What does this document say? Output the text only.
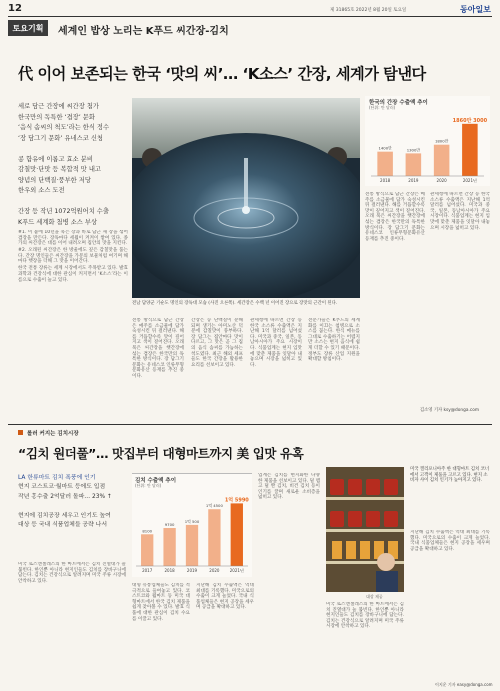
12	제 31865호 2022년 8월 20일 토요일	동아일보
토요기획	세계인 밥상 노리는 K푸드 씨간장-김치
代 이어 보존되는 한국 ‘맛의 씨’… ‘K소스’ 간장, 세계가 탐낸다
세로 담근 간장에 씨간장 첨가
한국만의 독특한 ‘겹장’ 문화
‘음식 솜씨의 척도’라는 한식 정수
‘장 담그기 문화’ 유네스코 신청

콩 함유에 이롭고 효소 분비
감칠맛·단맛 등 복합적 맛 내고
양념의 단백질·풍부한 저당
한우외 소스 도전

간장 등 작년 1072억원어치 수출
K푸드 세계화 첨병 소스 부상

#1. 이 불에 10년을 묵은 장과 바로 담근 새 장을 섞어 겹장을 만든다. 장독마다 세월이 켜켜이 쌓여 있다. 종가의 씨간장은 대를 이어 내려오며 집안의 맛을 지킨다.

#2. 오래된 씨간장은 한 방울에도 깊은 감칠맛을 품는다. 간장 명인들은 씨간장을 가문의 보물처럼 여기며 해마다 햇장을 더해 그 맛을 이어간다.

한국 전통 장류는 세계 시장에서도 주목받고 있다. 발효 과학과 건강식에 대한 관심이 커지면서 ‘K소스’라는 이름으로 수출이 늘고 있다.

한국의 간장 수출액 추이
(단위: 만 달러)
1400만
2018
1300만
2019
1800만
2020
1860만 3000
2021년
전남 담양군 기순도 명인의 장독대 모습 (사진 오른쪽). 세간장은 수백 년 이어진 장으로 장맛의 근간이 된다.
전통 방식으로 담근 간장은 메주를 소금물에 담가 숙성시킨 뒤 걸러낸다. 해를 거듭할수록 맛이 깊어지고 색이 짙어진다. 오래 묵은 씨간장을 햇간장에 섞는 겹장은 한국만의 독특한 방식이다. 장 담그기 문화는 유네스코 인류무형문화유산 등재를 추진 중이다.
간장은 콩 단백질이 분해되며 생기는 아미노산 덕분에 감칠맛이 풍부하다. 장 담그는 집안마다 맛이 다르고, 그 맛은 곧 그 집의 음식 솜씨를 가늠하는 척도였다. 최근 해외 셰프들도 한국 간장을 활용한 요리를 선보이고 있다.
관세청에 따르면 간장 등 한국 소스류 수출액은 지난해 1억 달러를 넘어섰다. 미국과 중국, 일본, 동남아시아가 주요 시장이다. 식품업계는 현지 입맛에 맞춘 제품을 잇달아 내놓으며 시장을 넓히고 있다.
전문가들은 K푸드의 세계화를 이끄는 첨병으로 소스를 꼽는다. 한식 메뉴를 그대로 수출하기는 어렵지만 소스는 현지 음식에 쉽게 더할 수 있기 때문이다. 정부도 장류 산업 지원을 확대할 방침이다.
전통 방식으로 담근 간장은 메주를 소금물에 담가 숙성시킨 뒤 걸러낸다. 해를 거듭할수록 맛이 깊어지고 색이 짙어진다. 오래 묵은 씨간장을 햇간장에 섞는 겹장은 한국만의 독특한 방식이다. 장 담그기 문화는 유네스코 인류무형문화유산 등재를 추진 중이다.
관세청에 따르면 간장 등 한국 소스류 수출액은 지난해 1억 달러를 넘어섰다. 미국과 중국, 일본, 동남아시아가 주요 시장이다. 식품업계는 현지 입맛에 맞춘 제품을 잇달아 내놓으며 시장을 넓히고 있다.
김소영 기자 ksy@donga.com
롤러 커지는 김치시장
“김치 원더풀”… 맛집부터 대형마트까지 美 입맛 유혹
LA 한류마트 김치 폭풍에 인기
현지 코스트코·월마트 등에도 입점
작년 홍수출 2억달러 돌파… 23% ↑

현지에 김치공장 세우고 인기도 높여
대상 등 국내 식품업체들 공략 나서
미국 로스앤젤레스의 한 마트에서는 김치 진열대가 늘 붐빈다. 한인뿐 아니라 현지인들도 김치를 장바구니에 담는다. 김치는 건강식으로 알려지며 미국 주류 시장에 안착하고 있다.
김치 수출액 추이
(단위: 만 달러)
8100
2017
9700
2018
1억 500
2019
1억 4500
2020
1억 5990
2021년
대형 유통업체들도 김치를 적극적으로 들여놓고 있다. 코스트코와 월마트 등 미국 대형마트에서 한국 김치 제품을 쉽게 찾아볼 수 있다. 발효 식품에 대한 관심이 김치 수요를 이끌고 있다.
지난해 김치 수출액은 역대 최대를 기록했다. 미국으로의 수출이 크게 늘었다. 국내 식품업체들은 현지 공장을 세우며 공급을 확대하고 있다.
업계는 김치를 현지화한 다양한 제품을 선보이고 있다. 덜 맵고 덜 짠 김치, 비건 김치 등이 인기를 끌며 새로운 소비층을 넓히고 있다.
대상 제공
미국 로스앤젤레스의 한 마트에서는 김치 진열대가 늘 붐빈다. 한인뿐 아니라 현지인들도 김치를 장바구니에 담는다. 김치는 건강식으로 알려지며 미국 주류 시장에 안착하고 있다.
미국 캘리포니아주 한 대형마트 김치 코너에서 고객이 제품을 고르고 있다. 현지 소비자 사이 김치 인기가 높아지고 있다.
지난해 김치 수출액은 역대 최대를 기록했다. 미국으로의 수출이 크게 늘었다. 국내 식품업체들은 현지 공장을 세우며 공급을 확대하고 있다.
이지운 기자 easy@donga.com
